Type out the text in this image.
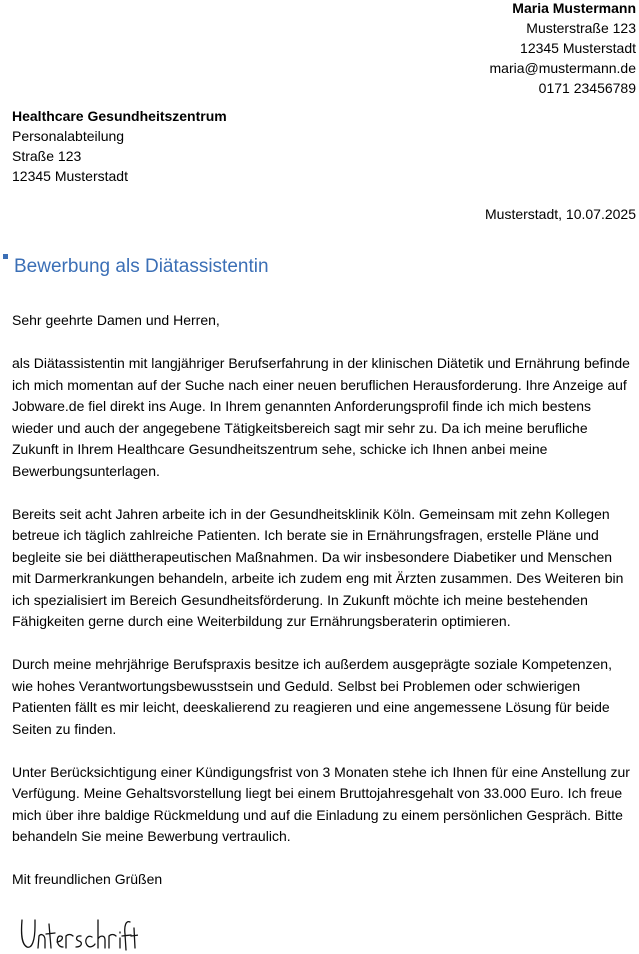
Maria Mustermann
Musterstraße 123
12345 Musterstadt
maria@mustermann.de
0171 23456789
Healthcare Gesundheitszentrum
Personalabteilung
Straße 123
12345 Musterstadt
Musterstadt, 10.07.2025
Bewerbung als Diätassistentin

Sehr geehrte Damen und Herren,

als Diätassistentin mit langjähriger Berufserfahrung in der klinischen Diätetik und Ernährung befinde ich mich momentan auf der Suche nach einer neuen beruflichen Herausforderung. Ihre Anzeige auf Jobware.de fiel direkt ins Auge. In Ihrem genannten Anforderungsprofil finde ich mich bestens wieder und auch der angegebene Tätigkeitsbereich sagt mir sehr zu. Da ich meine berufliche Zukunft in Ihrem Healthcare Gesundheitszentrum sehe, schicke ich Ihnen anbei meine Bewerbungsunterlagen.

Bereits seit acht Jahren arbeite ich in der Gesundheitsklinik Köln. Gemeinsam mit zehn Kollegen betreue ich täglich zahlreiche Patienten. Ich berate sie in Ernährungsfragen, erstelle Pläne und begleite sie bei diättherapeutischen Maßnahmen. Da wir insbesondere Diabetiker und Menschen mit Darmerkrankungen behandeln, arbeite ich zudem eng mit Ärzten zusammen. Des Weiteren bin ich spezialisiert im Bereich Gesundheitsförderung. In Zukunft möchte ich meine bestehenden Fähigkeiten gerne durch eine Weiterbildung zur Ernährungsberaterin optimieren.

Durch meine mehrjährige Berufspraxis besitze ich außerdem ausgeprägte soziale Kompetenzen, wie hohes Verantwortungsbewusstsein und Geduld. Selbst bei Problemen oder schwierigen Patienten fällt es mir leicht, deeskalierend zu reagieren und eine angemessene Lösung für beide Seiten zu finden.

Unter Berücksichtigung einer Kündigungsfrist von 3 Monaten stehe ich Ihnen für eine Anstellung zur Verfügung. Meine Gehaltsvorstellung liegt bei einem Bruttojahresgehalt von 33.000 Euro. Ich freue mich über ihre baldige Rückmeldung und auf die Einladung zu einem persönlichen Gespräch. Bitte behandeln Sie meine Bewerbung vertraulich.

Mit freundlichen Grüßen
